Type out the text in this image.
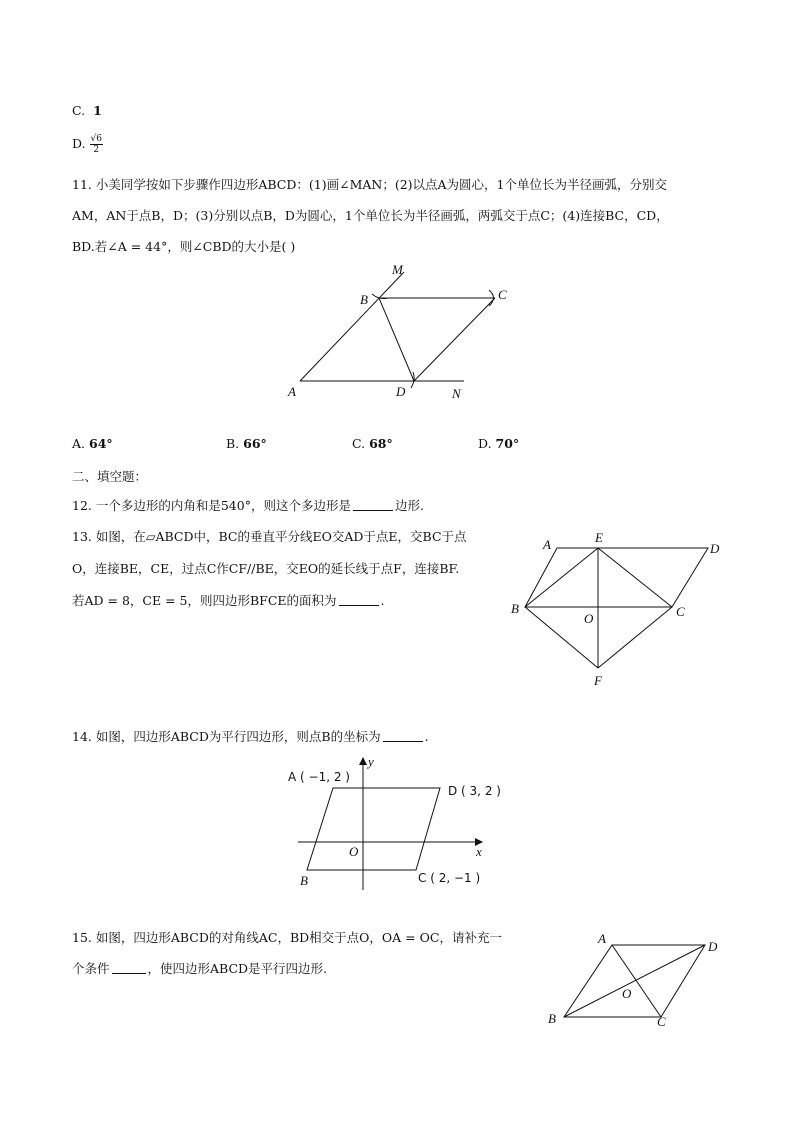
C. 1
D. $\frac{√6}{2}$
11. 小美同学按如下步骤作四边形ABCD：(1)画∠MAN；(2)以点A为圆心，1个单位长为半径画弧，分别交
AM，AN于点B，D；(3)分别以点B，D为圆心，1个单位长为半径画弧，两弧交于点C；(4)连接BC，CD，
BD.若∠A = 44°，则∠CBD的大小是( )
M
B	C
A	D	N
A. 64°	B. 66°	C. 68°	D. 70°
二、填空题：
12. 一个多边形的内角和是540°，则这个多边形是	边形.
13. 如图，在▱ABCD中，BC的垂直平分线EO交AD于点E，交BC于点
O，连接BE，CE，过点C作CF//BE，交EO的延长线于点F，连接BF.
若AD = 8，CE = 5，则四边形BFCE的面积为	.
A	E
D
B
O	C
F
14. 如图，四边形ABCD为平行四边形，则点B的坐标为	.
A ( −1, 2 )
D ( 3, 2 )
B	C ( 2, −1 )
O	x
y
15. 如图，四边形ABCD的对角线AC，BD相交于点O，OA = OC，请补充一
个条件	，使四边形ABCD是平行四边形.
A
D
O
B	C
